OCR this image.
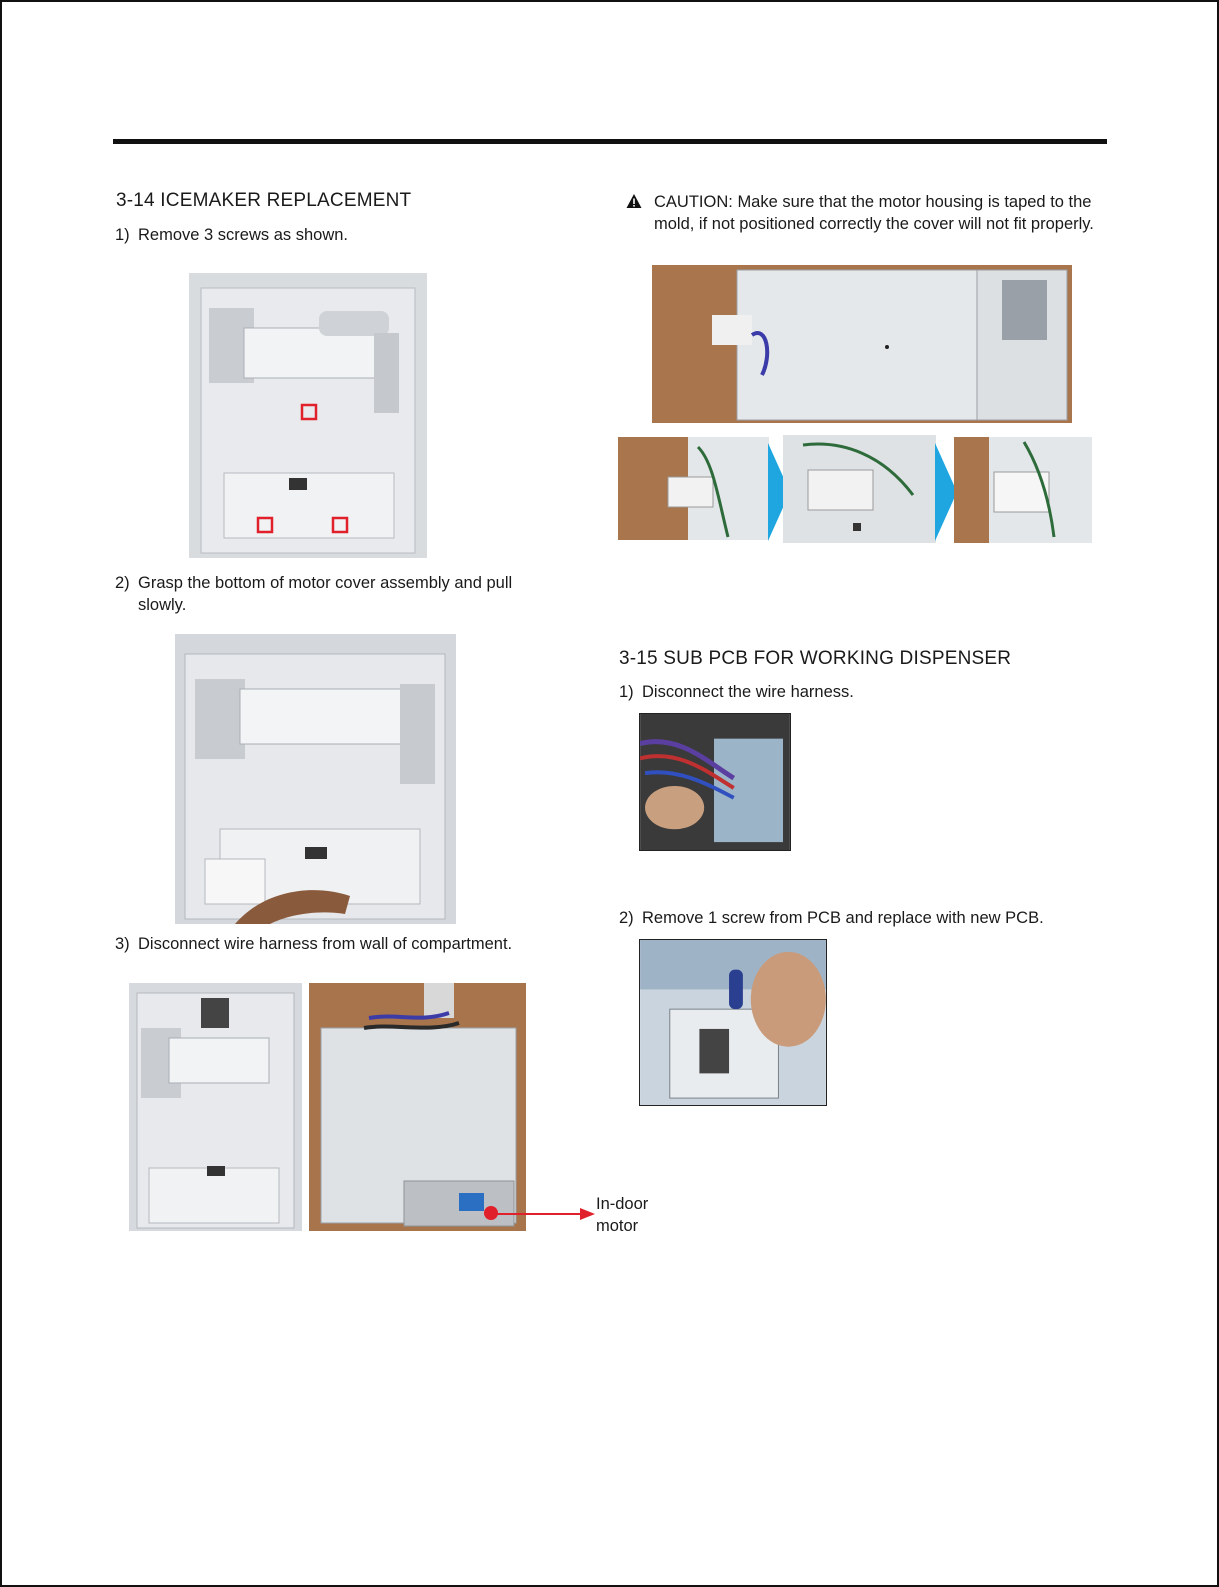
3-14 ICEMAKER REPLACEMENT
1) Remove 3 screws as shown.
2) Grasp the bottom of motor cover assembly and pull slowly.
3) Disconnect wire harness from wall of compartment.
In-door motor
CAUTION: Make sure that the motor housing is taped to the mold, if not positioned correctly the cover will not fit properly.
3-15 SUB PCB FOR WORKING DISPENSER
1) Disconnect the wire harness.
2) Remove 1 screw from PCB and replace with new PCB.
